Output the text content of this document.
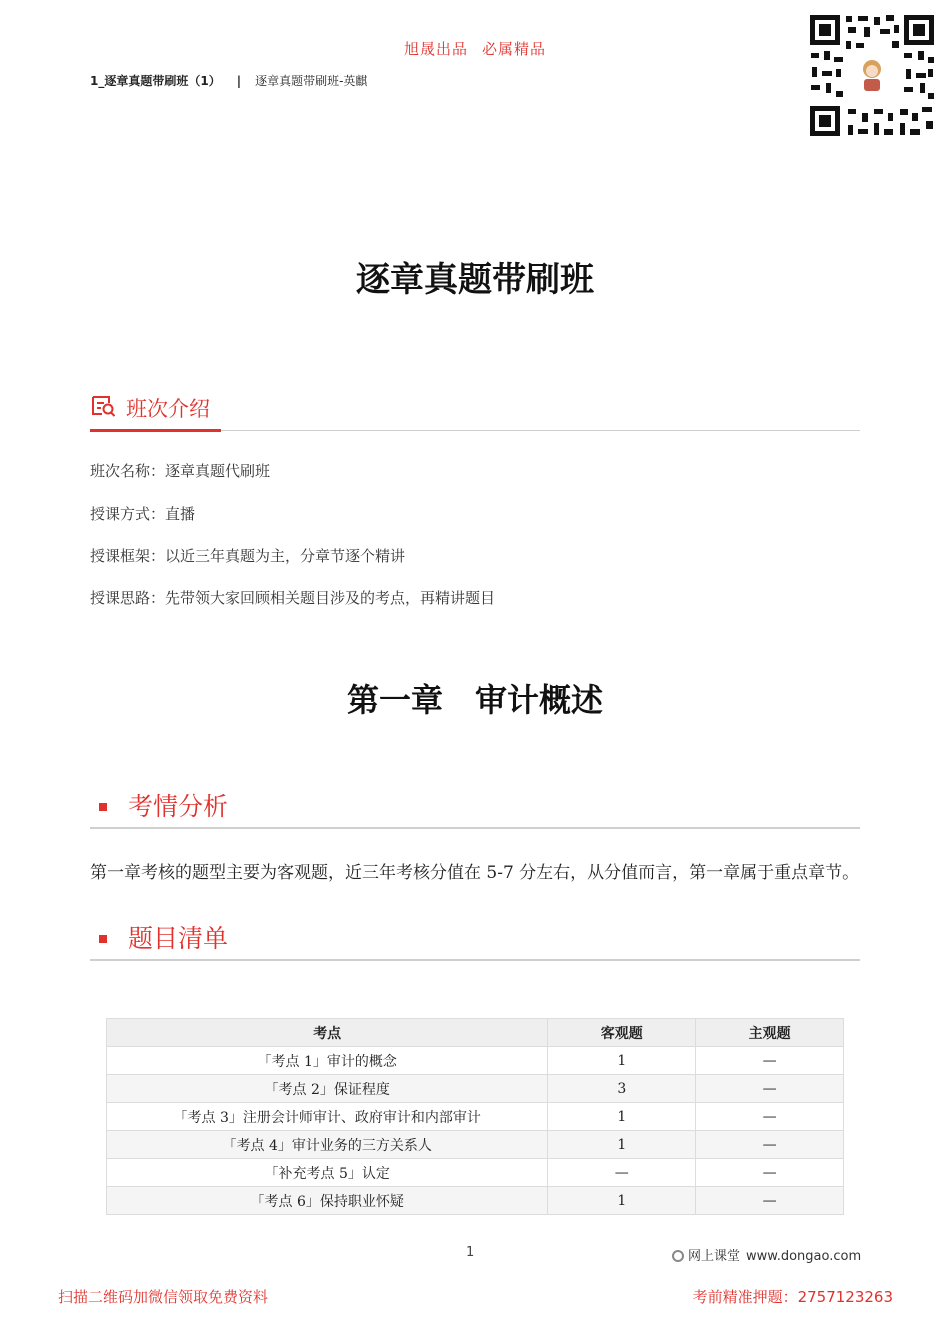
旭晟出品 必属精品
1_逐章真题带刷班（1） | 逐章真题带刷班-英麒
逐章真题带刷班
班次介绍
班次名称：逐章真题代刷班
授课方式：直播
授课框架：以近三年真题为主，分章节逐个精讲
授课思路：先带领大家回顾相关题目涉及的考点，再精讲题目
第一章　审计概述
考情分析
第一章考核的题型主要为客观题，近三年考核分值在 5-7 分左右，从分值而言，第一章属于重点章节。
题目清单
考点	客观题	主观题
「考点 1」审计的概念	1	—
「考点 2」保证程度	3	—
「考点 3」注册会计师审计、政府审计和内部审计	1	—
「考点 4」审计业务的三方关系人	1	—
「补充考点 5」认定	—	—
「考点 6」保持职业怀疑	1	—
1	网上课堂 www.dongao.com
扫描二维码加微信领取免费资料	考前精准押题：2757123263
